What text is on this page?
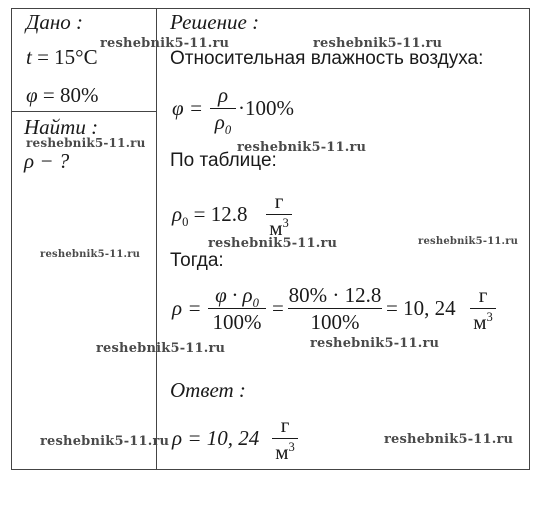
Дано :
t = 15°C
φ = 80%
Найти :
ρ − ?
Решение :
Относительная влажность воздуха:
φ =
ρ
$\rho_0$
·100%
По таблице:
$\rho_0 = 12.8$
г
$м^3$
Тогда:
ρ =
$\varphi \cdot \rho_0$
100%
=
80% · 12.8
100%
= 10, 24
г
$м^3$
Ответ :
ρ = 10, 24
г
$м^3$
reshebnik5-11.ru	reshebnik5-11.ru
reshebnik5-11.ru	reshebnik5-11.ru
reshebnik5-11.ru	reshebnik5-11.ru
reshebnik5-11.ru
reshebnik5-11.ru	reshebnik5-11.ru
reshebnik5-11.ru	reshebnik5-11.ru
